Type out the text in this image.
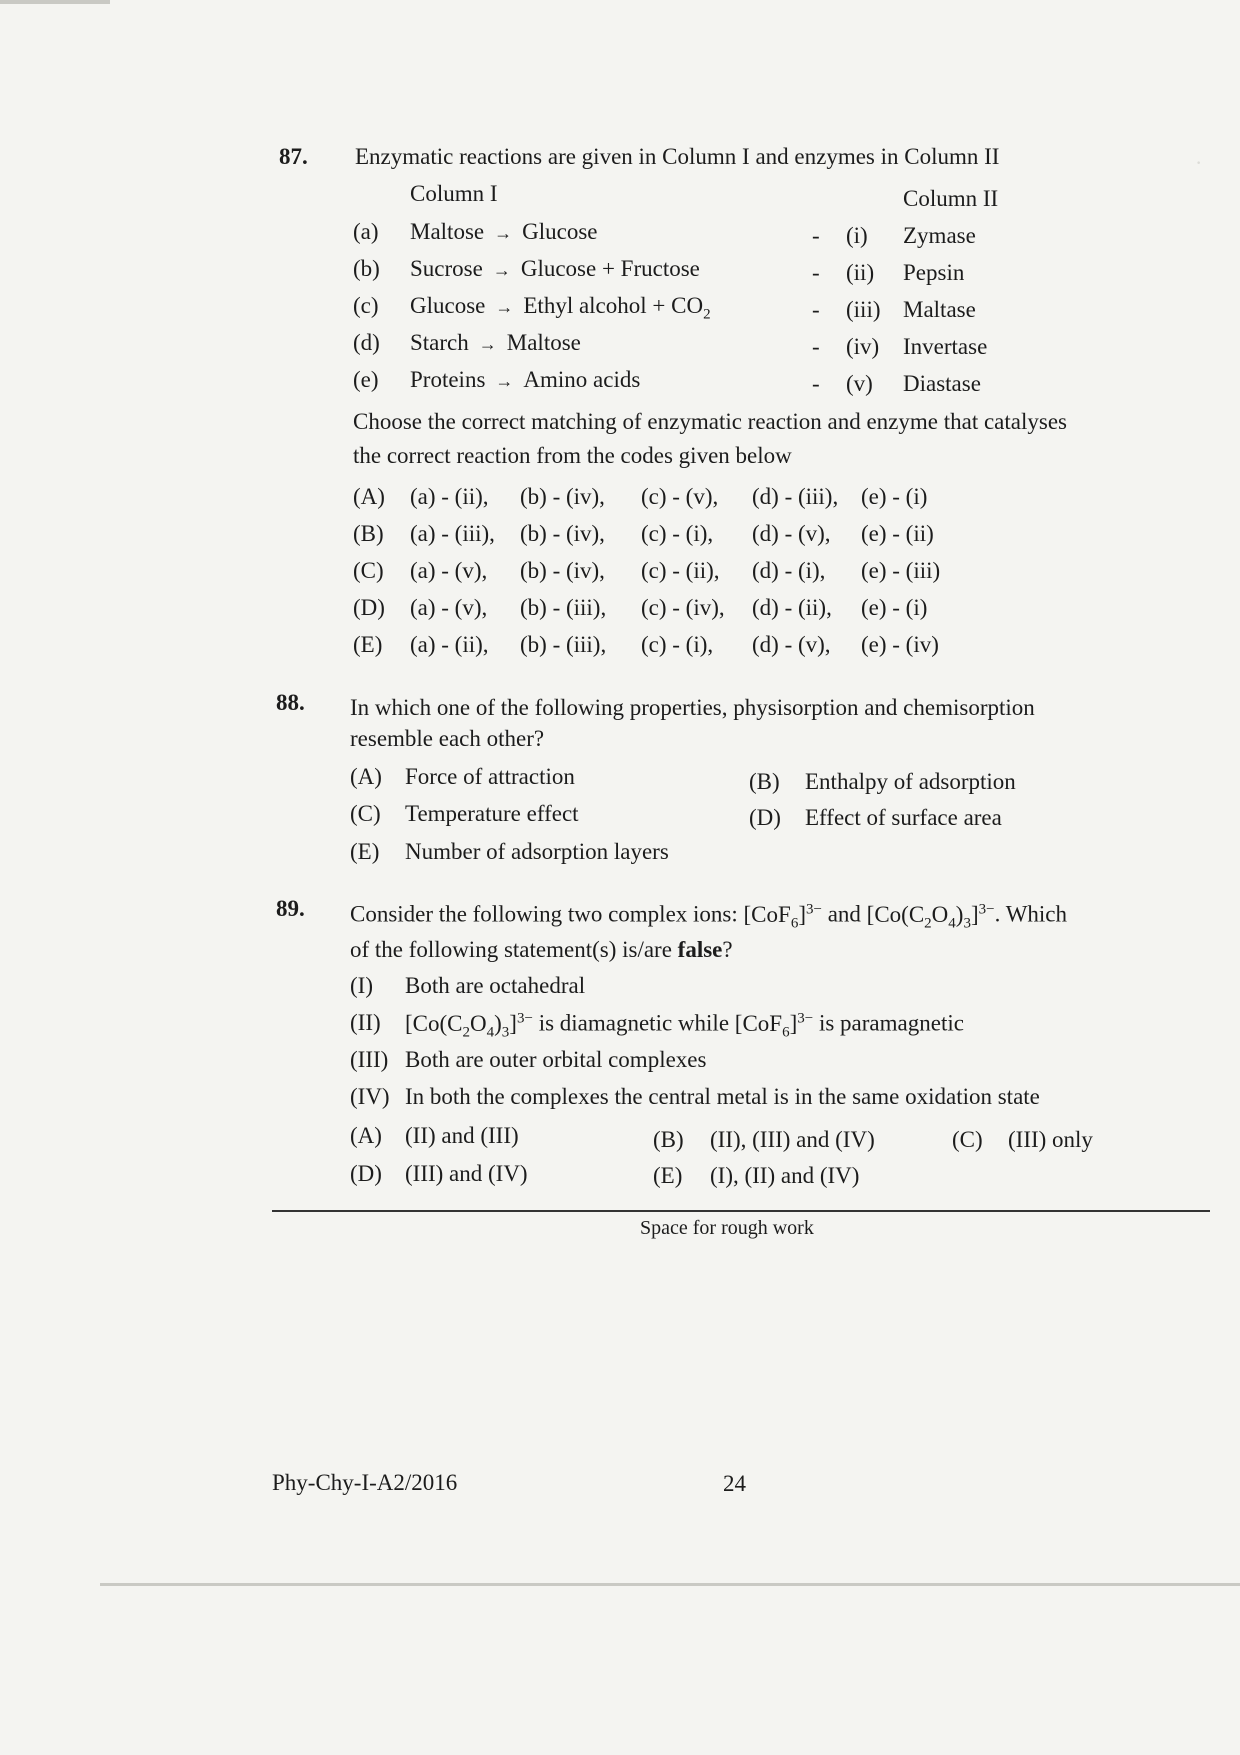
·
87. Enzymatic reactions are given in Column I and enzymes in Column II
Column I	Column II
(a) Maltose → Glucose	- (i) Zymase
(b) Sucrose → Glucose + Fructose	- (ii) Pepsin
(c) Glucose → Ethyl alcohol + $CO_2$	- (iii) Maltase
(d) Starch → Maltose	- (iv) Invertase
(e) Proteins → Amino acids	- (v) Diastase
Choose the correct matching of enzymatic reaction and enzyme that catalyses
the correct reaction from the codes given below
(A) (a) - (ii), (b) - (iv), (c) - (v), (d) - (iii), (e) - (i)
(B) (a) - (iii), (b) - (iv), (c) - (i), (d) - (v), (e) - (ii)
(C) (a) - (v), (b) - (iv), (c) - (ii), (d) - (i), (e) - (iii)
(D) (a) - (v), (b) - (iii), (c) - (iv), (d) - (ii), (e) - (i)
(E) (a) - (ii), (b) - (iii), (c) - (i), (d) - (v), (e) - (iv)
88. In which one of the following properties, physisorption and chemisorption
resemble each other?
(A) Force of attraction	(B) Enthalpy of adsorption
(C) Temperature effect	(D) Effect of surface area
(E) Number of adsorption layers
89. Consider the following two complex ions: $[CoF_6]^{3-}$ and $[Co(C_2O_4)_3]^{3-}$. Which
of the following statement(s) is/are false?
(I) Both are octahedral
(II) $[Co(C_2O_4)_3]^{3-}$ is diamagnetic while $[CoF_6]^{3-}$ is paramagnetic
(III) Both are outer orbital complexes
(IV) In both the complexes the central metal is in the same oxidation state
(A) (II) and (III)	(B) (II), (III) and (IV)	(C) (III) only
(D) (III) and (IV)	(E) (I), (II) and (IV)
Space for rough work
Phy-Chy-I-A2/2016	24
